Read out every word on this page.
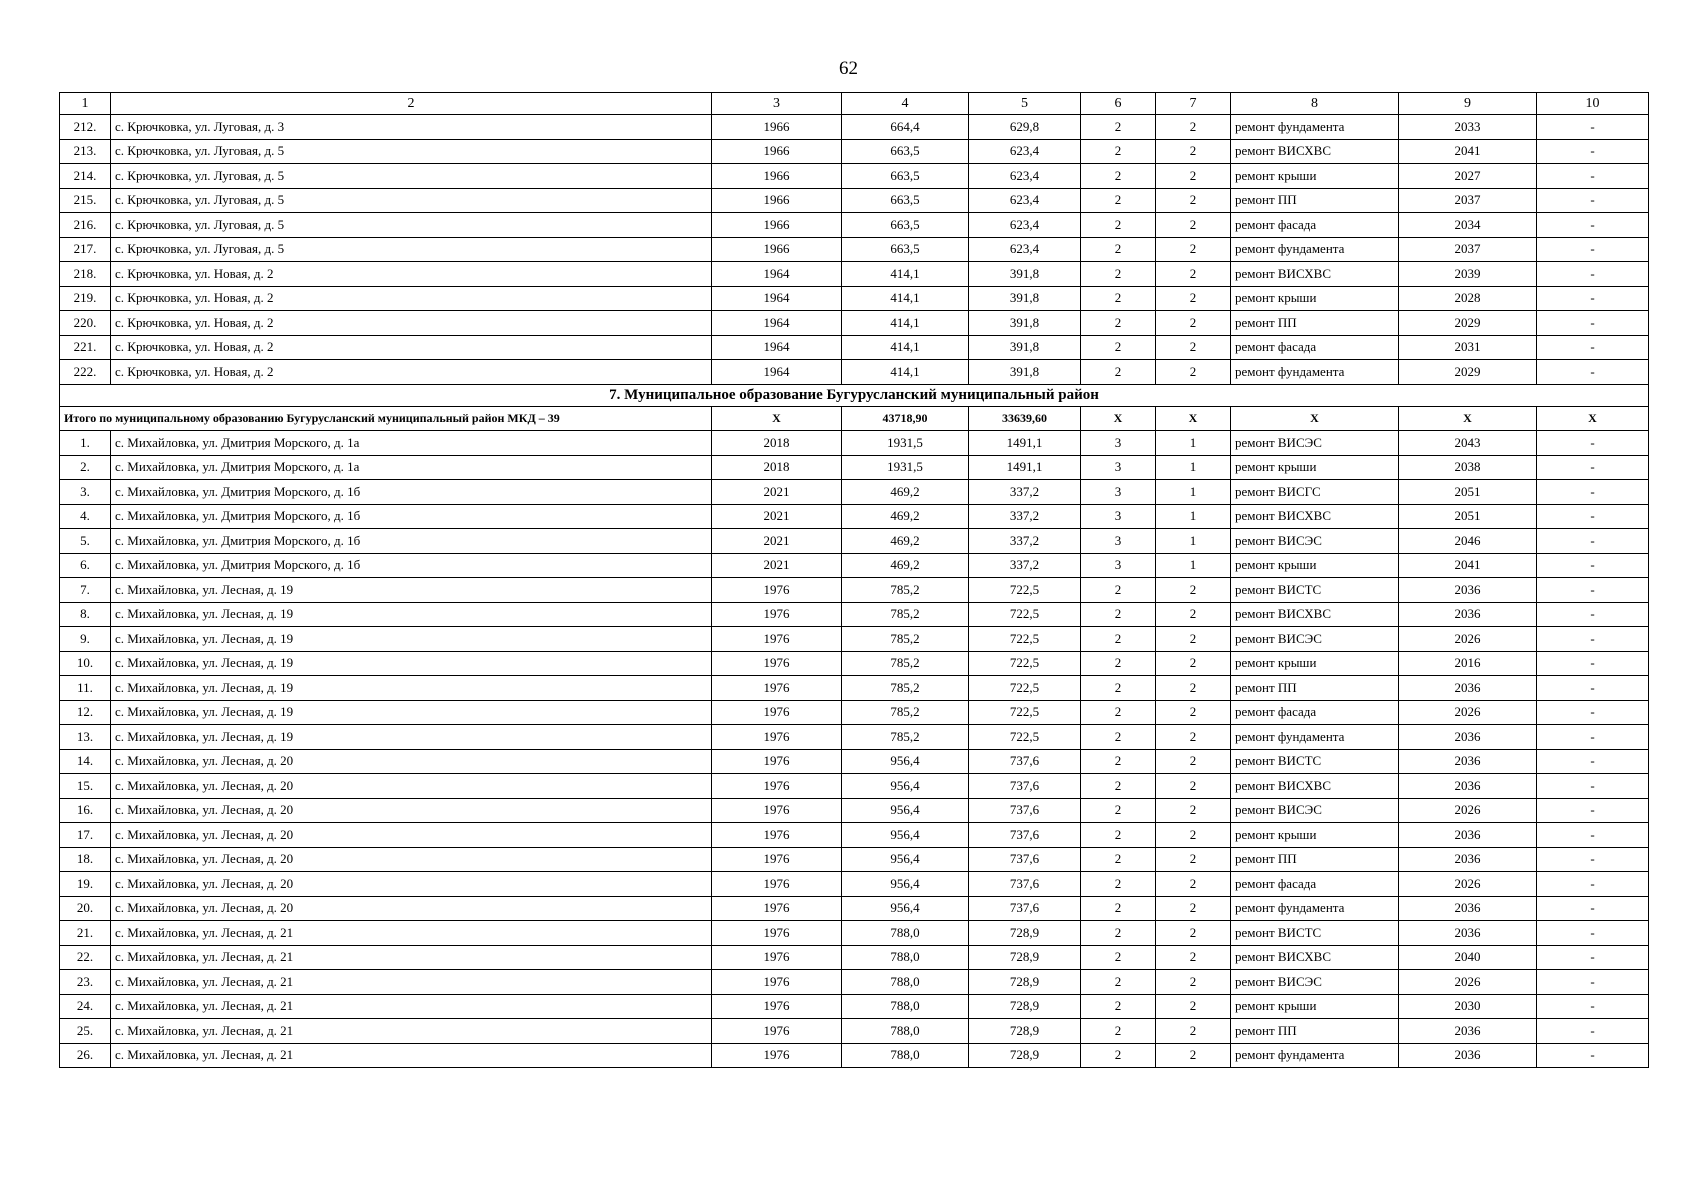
62
1	2	3	4	5	6	7	8	9	10
212.	с. Крючковка, ул. Луговая, д. 3	1966	664,4	629,8	2	2	ремонт фундамента	2033	-
213.	с. Крючковка, ул. Луговая, д. 5	1966	663,5	623,4	2	2	ремонт ВИСХВС	2041	-
214.	с. Крючковка, ул. Луговая, д. 5	1966	663,5	623,4	2	2	ремонт крыши	2027	-
215.	с. Крючковка, ул. Луговая, д. 5	1966	663,5	623,4	2	2	ремонт ПП	2037	-
216.	с. Крючковка, ул. Луговая, д. 5	1966	663,5	623,4	2	2	ремонт фасада	2034	-
217.	с. Крючковка, ул. Луговая, д. 5	1966	663,5	623,4	2	2	ремонт фундамента	2037	-
218.	с. Крючковка, ул. Новая, д. 2	1964	414,1	391,8	2	2	ремонт ВИСХВС	2039	-
219.	с. Крючковка, ул. Новая, д. 2	1964	414,1	391,8	2	2	ремонт крыши	2028	-
220.	с. Крючковка, ул. Новая, д. 2	1964	414,1	391,8	2	2	ремонт ПП	2029	-
221.	с. Крючковка, ул. Новая, д. 2	1964	414,1	391,8	2	2	ремонт фасада	2031	-
222.	с. Крючковка, ул. Новая, д. 2	1964	414,1	391,8	2	2	ремонт фундамента	2029	-
7. Муниципальное образование Бугурусланский муниципальный район									
Итого по муниципальному образованию Бугурусланский муниципальный район МКД – 39		Х	43718,90	33639,60	Х	Х	Х	Х	Х
1.	с. Михайловка, ул. Дмитрия Морского, д. 1а	2018	1931,5	1491,1	3	1	ремонт ВИСЭС	2043	-
2.	с. Михайловка, ул. Дмитрия Морского, д. 1а	2018	1931,5	1491,1	3	1	ремонт крыши	2038	-
3.	с. Михайловка, ул. Дмитрия Морского, д. 1б	2021	469,2	337,2	3	1	ремонт ВИСГС	2051	-
4.	с. Михайловка, ул. Дмитрия Морского, д. 1б	2021	469,2	337,2	3	1	ремонт ВИСХВС	2051	-
5.	с. Михайловка, ул. Дмитрия Морского, д. 1б	2021	469,2	337,2	3	1	ремонт ВИСЭС	2046	-
6.	с. Михайловка, ул. Дмитрия Морского, д. 1б	2021	469,2	337,2	3	1	ремонт крыши	2041	-
7.	с. Михайловка, ул. Лесная, д. 19	1976	785,2	722,5	2	2	ремонт ВИСТС	2036	-
8.	с. Михайловка, ул. Лесная, д. 19	1976	785,2	722,5	2	2	ремонт ВИСХВС	2036	-
9.	с. Михайловка, ул. Лесная, д. 19	1976	785,2	722,5	2	2	ремонт ВИСЭС	2026	-
10.	с. Михайловка, ул. Лесная, д. 19	1976	785,2	722,5	2	2	ремонт крыши	2016	-
11.	с. Михайловка, ул. Лесная, д. 19	1976	785,2	722,5	2	2	ремонт ПП	2036	-
12.	с. Михайловка, ул. Лесная, д. 19	1976	785,2	722,5	2	2	ремонт фасада	2026	-
13.	с. Михайловка, ул. Лесная, д. 19	1976	785,2	722,5	2	2	ремонт фундамента	2036	-
14.	с. Михайловка, ул. Лесная, д. 20	1976	956,4	737,6	2	2	ремонт ВИСТС	2036	-
15.	с. Михайловка, ул. Лесная, д. 20	1976	956,4	737,6	2	2	ремонт ВИСХВС	2036	-
16.	с. Михайловка, ул. Лесная, д. 20	1976	956,4	737,6	2	2	ремонт ВИСЭС	2026	-
17.	с. Михайловка, ул. Лесная, д. 20	1976	956,4	737,6	2	2	ремонт крыши	2036	-
18.	с. Михайловка, ул. Лесная, д. 20	1976	956,4	737,6	2	2	ремонт ПП	2036	-
19.	с. Михайловка, ул. Лесная, д. 20	1976	956,4	737,6	2	2	ремонт фасада	2026	-
20.	с. Михайловка, ул. Лесная, д. 20	1976	956,4	737,6	2	2	ремонт фундамента	2036	-
21.	с. Михайловка, ул. Лесная, д. 21	1976	788,0	728,9	2	2	ремонт ВИСТС	2036	-
22.	с. Михайловка, ул. Лесная, д. 21	1976	788,0	728,9	2	2	ремонт ВИСХВС	2040	-
23.	с. Михайловка, ул. Лесная, д. 21	1976	788,0	728,9	2	2	ремонт ВИСЭС	2026	-
24.	с. Михайловка, ул. Лесная, д. 21	1976	788,0	728,9	2	2	ремонт крыши	2030	-
25.	с. Михайловка, ул. Лесная, д. 21	1976	788,0	728,9	2	2	ремонт ПП	2036	-
26.	с. Михайловка, ул. Лесная, д. 21	1976	788,0	728,9	2	2	ремонт фундамента	2036	-
